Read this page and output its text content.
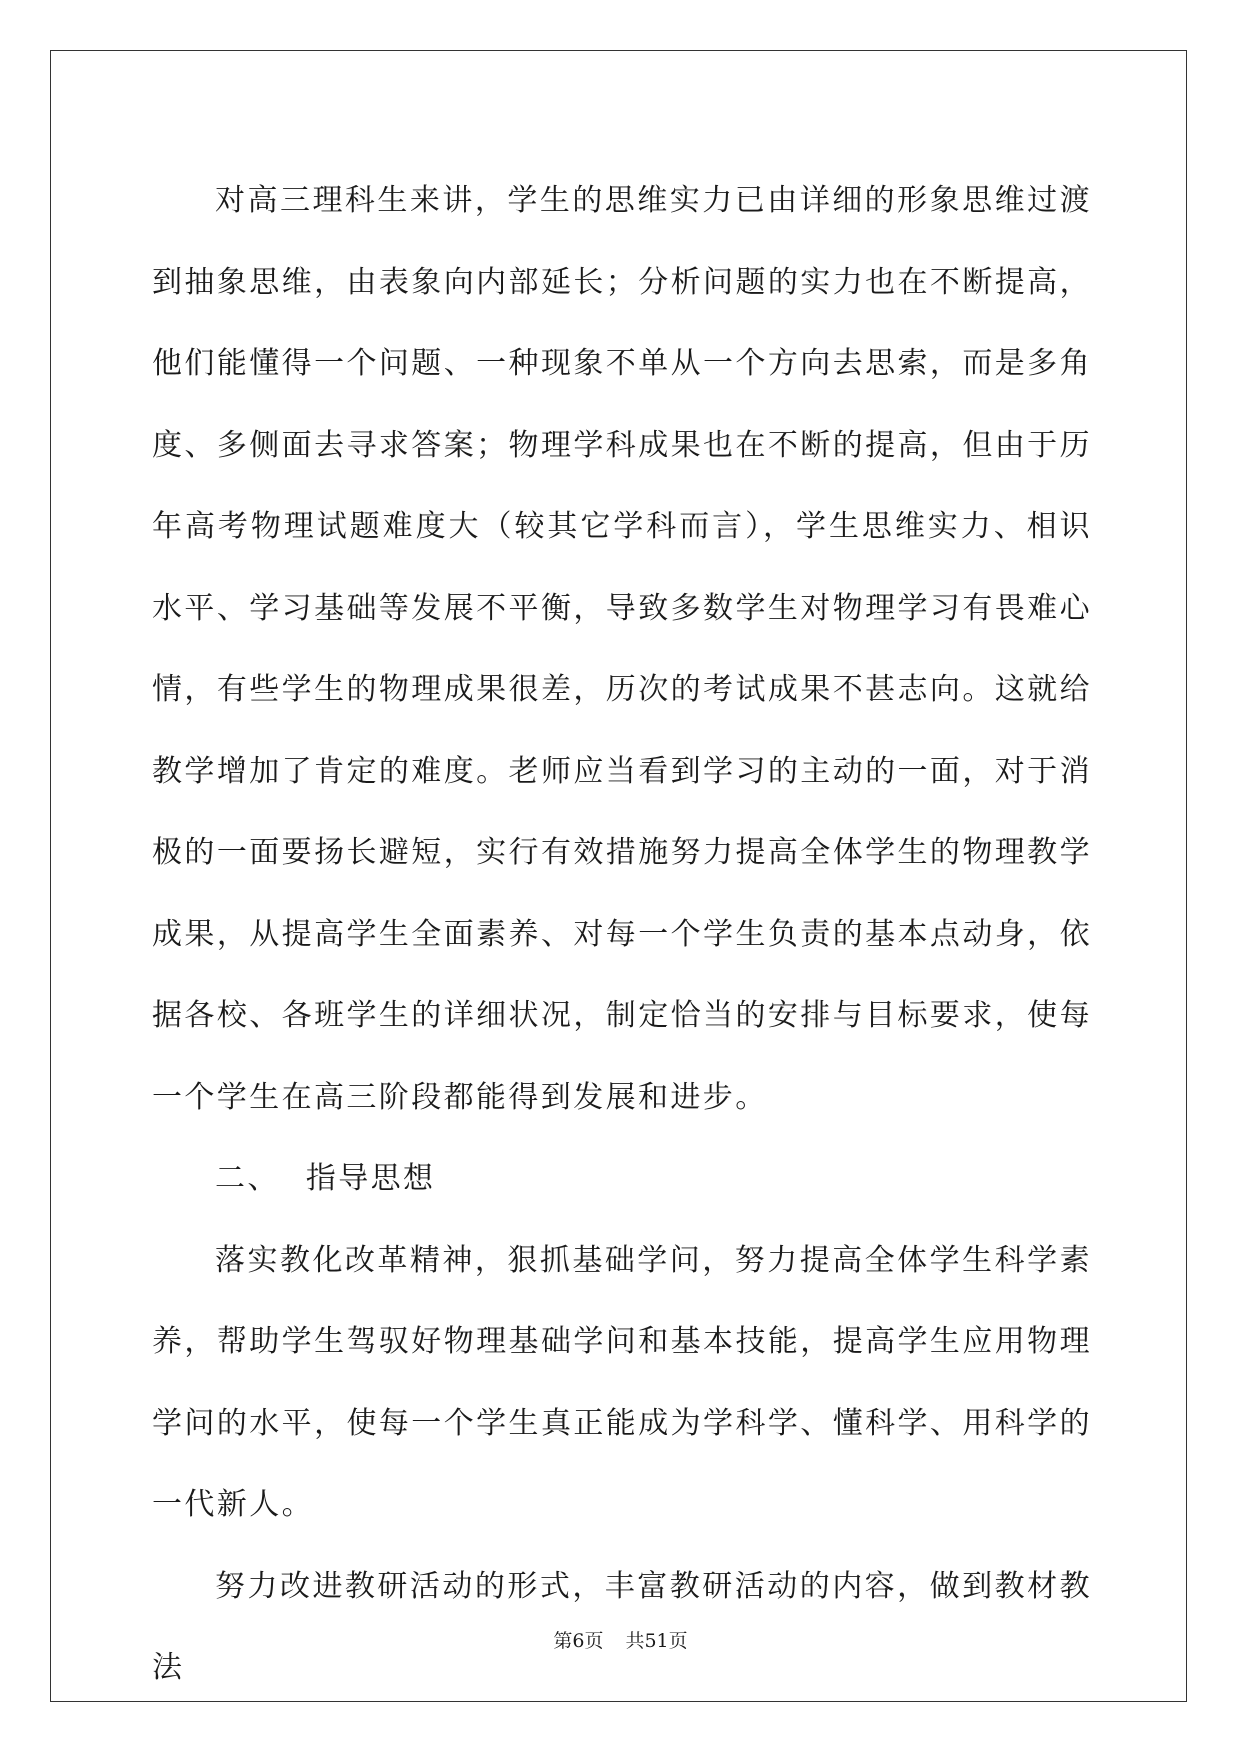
对高三理科生来讲，学生的思维实力已由详细的形象思维过渡到抽象思维，由表象向内部延长；分析问题的实力也在不断提高，他们能懂得一个问题、一种现象不单从一个方向去思索，而是多角度、多侧面去寻求答案；物理学科成果也在不断的提高，但由于历年高考物理试题难度大（较其它学科而言），学生思维实力、相识水平、学习基础等发展不平衡，导致多数学生对物理学习有畏难心情，有些学生的物理成果很差，历次的考试成果不甚志向。这就给教学增加了肯定的难度。老师应当看到学习的主动的一面，对于消极的一面要扬长避短，实行有效措施努力提高全体学生的物理教学成果，从提高学生全面素养、对每一个学生负责的基本点动身，依据各校、各班学生的详细状况，制定恰当的安排与目标要求，使每一个学生在高三阶段都能得到发展和进步。

二、 指导思想

落实教化改革精神，狠抓基础学问，努力提高全体学生科学素养，帮助学生驾驭好物理基础学问和基本技能，提高学生应用物理学问的水平，使每一个学生真正能成为学科学、懂科学、用科学的一代新人。

努力改进教研活动的形式，丰富教研活动的内容，做到教材教法

第6页 共51页
